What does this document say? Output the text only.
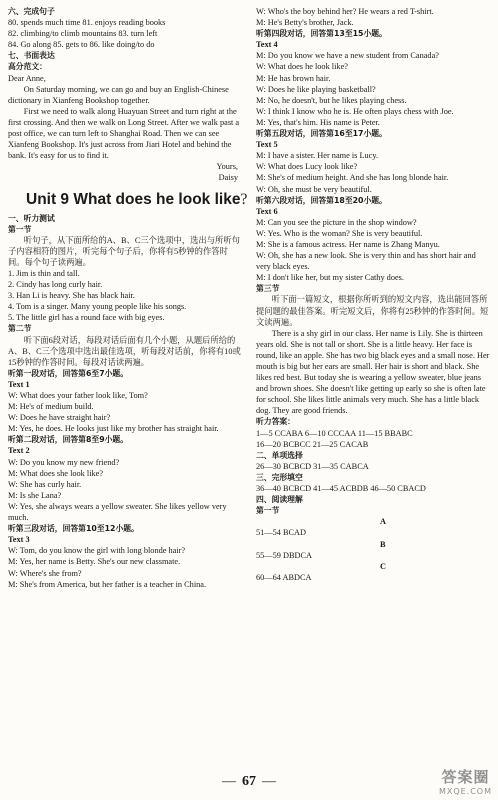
六、完成句子
80. spends much time 81. enjoys reading books
82. climbing/to climb mountains 83. turn left
84. Go along 85. gets to 86. like doing/to do
七、书面表达
高分范文：
Dear Anne,
On Saturday morning, we can go and buy an English-Chinese dictionary in Xianfeng Bookshop together.
First we need to walk along Huayuan Street and turn right at the first crossing. And then we walk on Long Street. After we walk past a post office, we can turn left to Shanghai Road. Then we can see Xianfeng Bookshop. It's just across from Jiari Hotel and behind the bank. It's easy for us to find it.
Yours,
Daisy
Unit 9 What does he look like?
一、听力测试
第一节
听句子，从下面所给的A、B、C三个选项中，选出与所听句子内容相符的图片，听完每个句子后，你将有5秒钟的作答时间。每个句子读两遍。
1. Jim is thin and tall.
2. Cindy has long curly hair.
3. Han Li is heavy. She has black hair.
4. Tom is a singer. Many young people like his songs.
5. The little girl has a round face with big eyes.
第二节
听下面6段对话，每段对话后面有几个小题，从题后所给的A、B、C三个选项中选出最佳选项，听每段对话前，你将有10或15秒钟的作答时间。每段对话读两遍。
听第一段对话，回答第6至7小题。
Text 1
W: What does your father look like, Tom?
M: He's of medium build.
W: Does he have straight hair?
M: Yes, he does. He looks just like my brother has straight hair.
听第二段对话，回答第8至9小题。
Text 2
W: Do you know my new friend?
M: What does she look like?
W: She has curly hair.
M: Is she Lana?
W: Yes, she always wears a yellow sweater. She likes yellow very much.
听第三段对话，回答第10至12小题。
Text 3
W: Tom, do you know the girl with long blonde hair?
M: Yes, her name is Betty. She's our new classmate.
W: Where's she from?
M: She's from America, but her father is a teacher in China.
W: Who's the boy behind her? He wears a red T-shirt.
M: He's Betty's brother, Jack.
听第四段对话，回答第13至15小题。
Text 4
M: Do you know we have a new student from Canada?
W: What does he look like?
M: He has brown hair.
W: Does he like playing basketball?
M: No, he doesn't, but he likes playing chess.
W: I think I know who he is. He often plays chess with Joe.
M: Yes, that's him. His name is Peter.
听第五段对话，回答第16至17小题。
Text 5
M: I have a sister. Her name is Lucy.
W: What does Lucy look like?
M: She's of medium height. And she has long blonde hair.
W: Oh, she must be very beautiful.
听第六段对话，回答第18至20小题。
Text 6
M: Can you see the picture in the shop window?
W: Yes. Who is the woman? She is very beautiful.
M: She is a famous actress. Her name is Zhang Manyu.
W: Oh, she has a new look. She is very thin and has short hair and very black eyes.
M: I don't like her, but my sister Cathy does.
第三节
听下面一篇短文，根据你所听到的短文内容，选出能回答所提问题的最佳答案。听完短文后，你将有25秒钟的作答时间。短文读两遍。
There is a shy girl in our class. Her name is Lily. She is thirteen years old. She is not tall or short. She is a little heavy. Her face is round, like an apple. She has two big black eyes and a small nose. Her mouth is big but her ears are small. Her hair is short and black. She likes red best. But today she is wearing a yellow sweater, blue jeans and brown shoes. She doesn't like getting up early so she is often late for school. She likes little animals very much. She has a little black dog. They are good friends.
听力答案：
1—5 CCABA 6—10 CCCAA 11—15 BBABC
16—20 BCBCC 21—25 CACAB
二、单项选择
26—30 BCBCD 31—35 CABCA
三、完形填空
36—40 BCBCD 41—45 ACBDB 46—50 CBACD
四、阅读理解
第一节
A
51—54 BCAD
B
55—59 DBDCA
C
60—64 ABDCA
— 67 —	答案圈
MXQE.COM
